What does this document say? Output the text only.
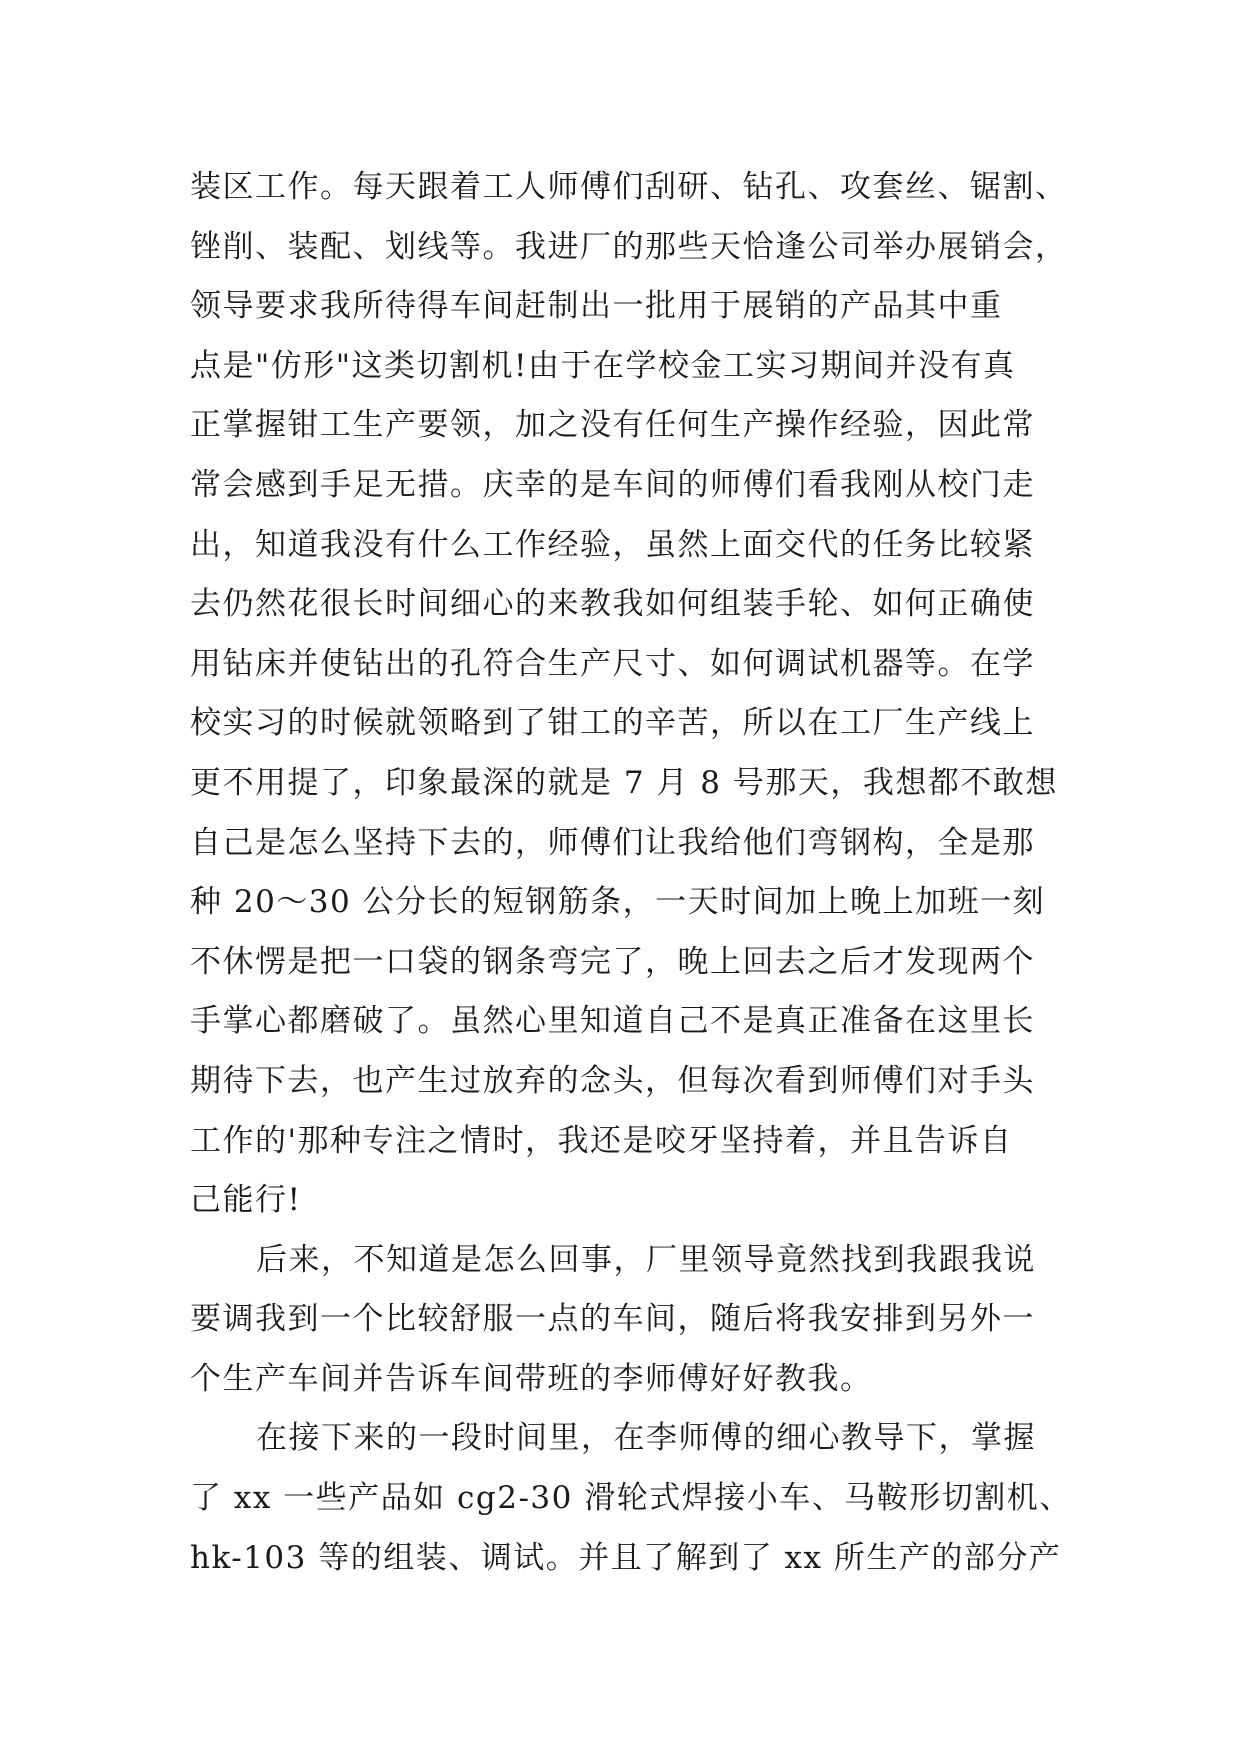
装区工作。每天跟着工人师傅们刮研、钻孔、攻套丝、锯割、
锉削、装配、划线等。我进厂的那些天恰逢公司举办展销会，
领导要求我所待得车间赶制出一批用于展销的产品其中重
点是"仿形"这类切割机!由于在学校金工实习期间并没有真
正掌握钳工生产要领，加之没有任何生产操作经验，因此常
常会感到手足无措。庆幸的是车间的师傅们看我刚从校门走
出，知道我没有什么工作经验，虽然上面交代的任务比较紧
去仍然花很长时间细心的来教我如何组装手轮、如何正确使
用钻床并使钻出的孔符合生产尺寸、如何调试机器等。在学
校实习的时候就领略到了钳工的辛苦，所以在工厂生产线上
更不用提了，印象最深的就是 7 月 8 号那天，我想都不敢想
自己是怎么坚持下去的，师傅们让我给他们弯钢构，全是那
种 20～30 公分长的短钢筋条，一天时间加上晚上加班一刻
不休愣是把一口袋的钢条弯完了，晚上回去之后才发现两个
手掌心都磨破了。虽然心里知道自己不是真正准备在这里长
期待下去，也产生过放弃的念头，但每次看到师傅们对手头
工作的'那种专注之情时，我还是咬牙坚持着，并且告诉自
己能行!
后来，不知道是怎么回事，厂里领导竟然找到我跟我说
要调我到一个比较舒服一点的车间，随后将我安排到另外一
个生产车间并告诉车间带班的李师傅好好教我。
在接下来的一段时间里，在李师傅的细心教导下，掌握
了 xx 一些产品如 cg2-30 滑轮式焊接小车、马鞍形切割机、
hk-103 等的组装、调试。并且了解到了 xx 所生产的部分产
